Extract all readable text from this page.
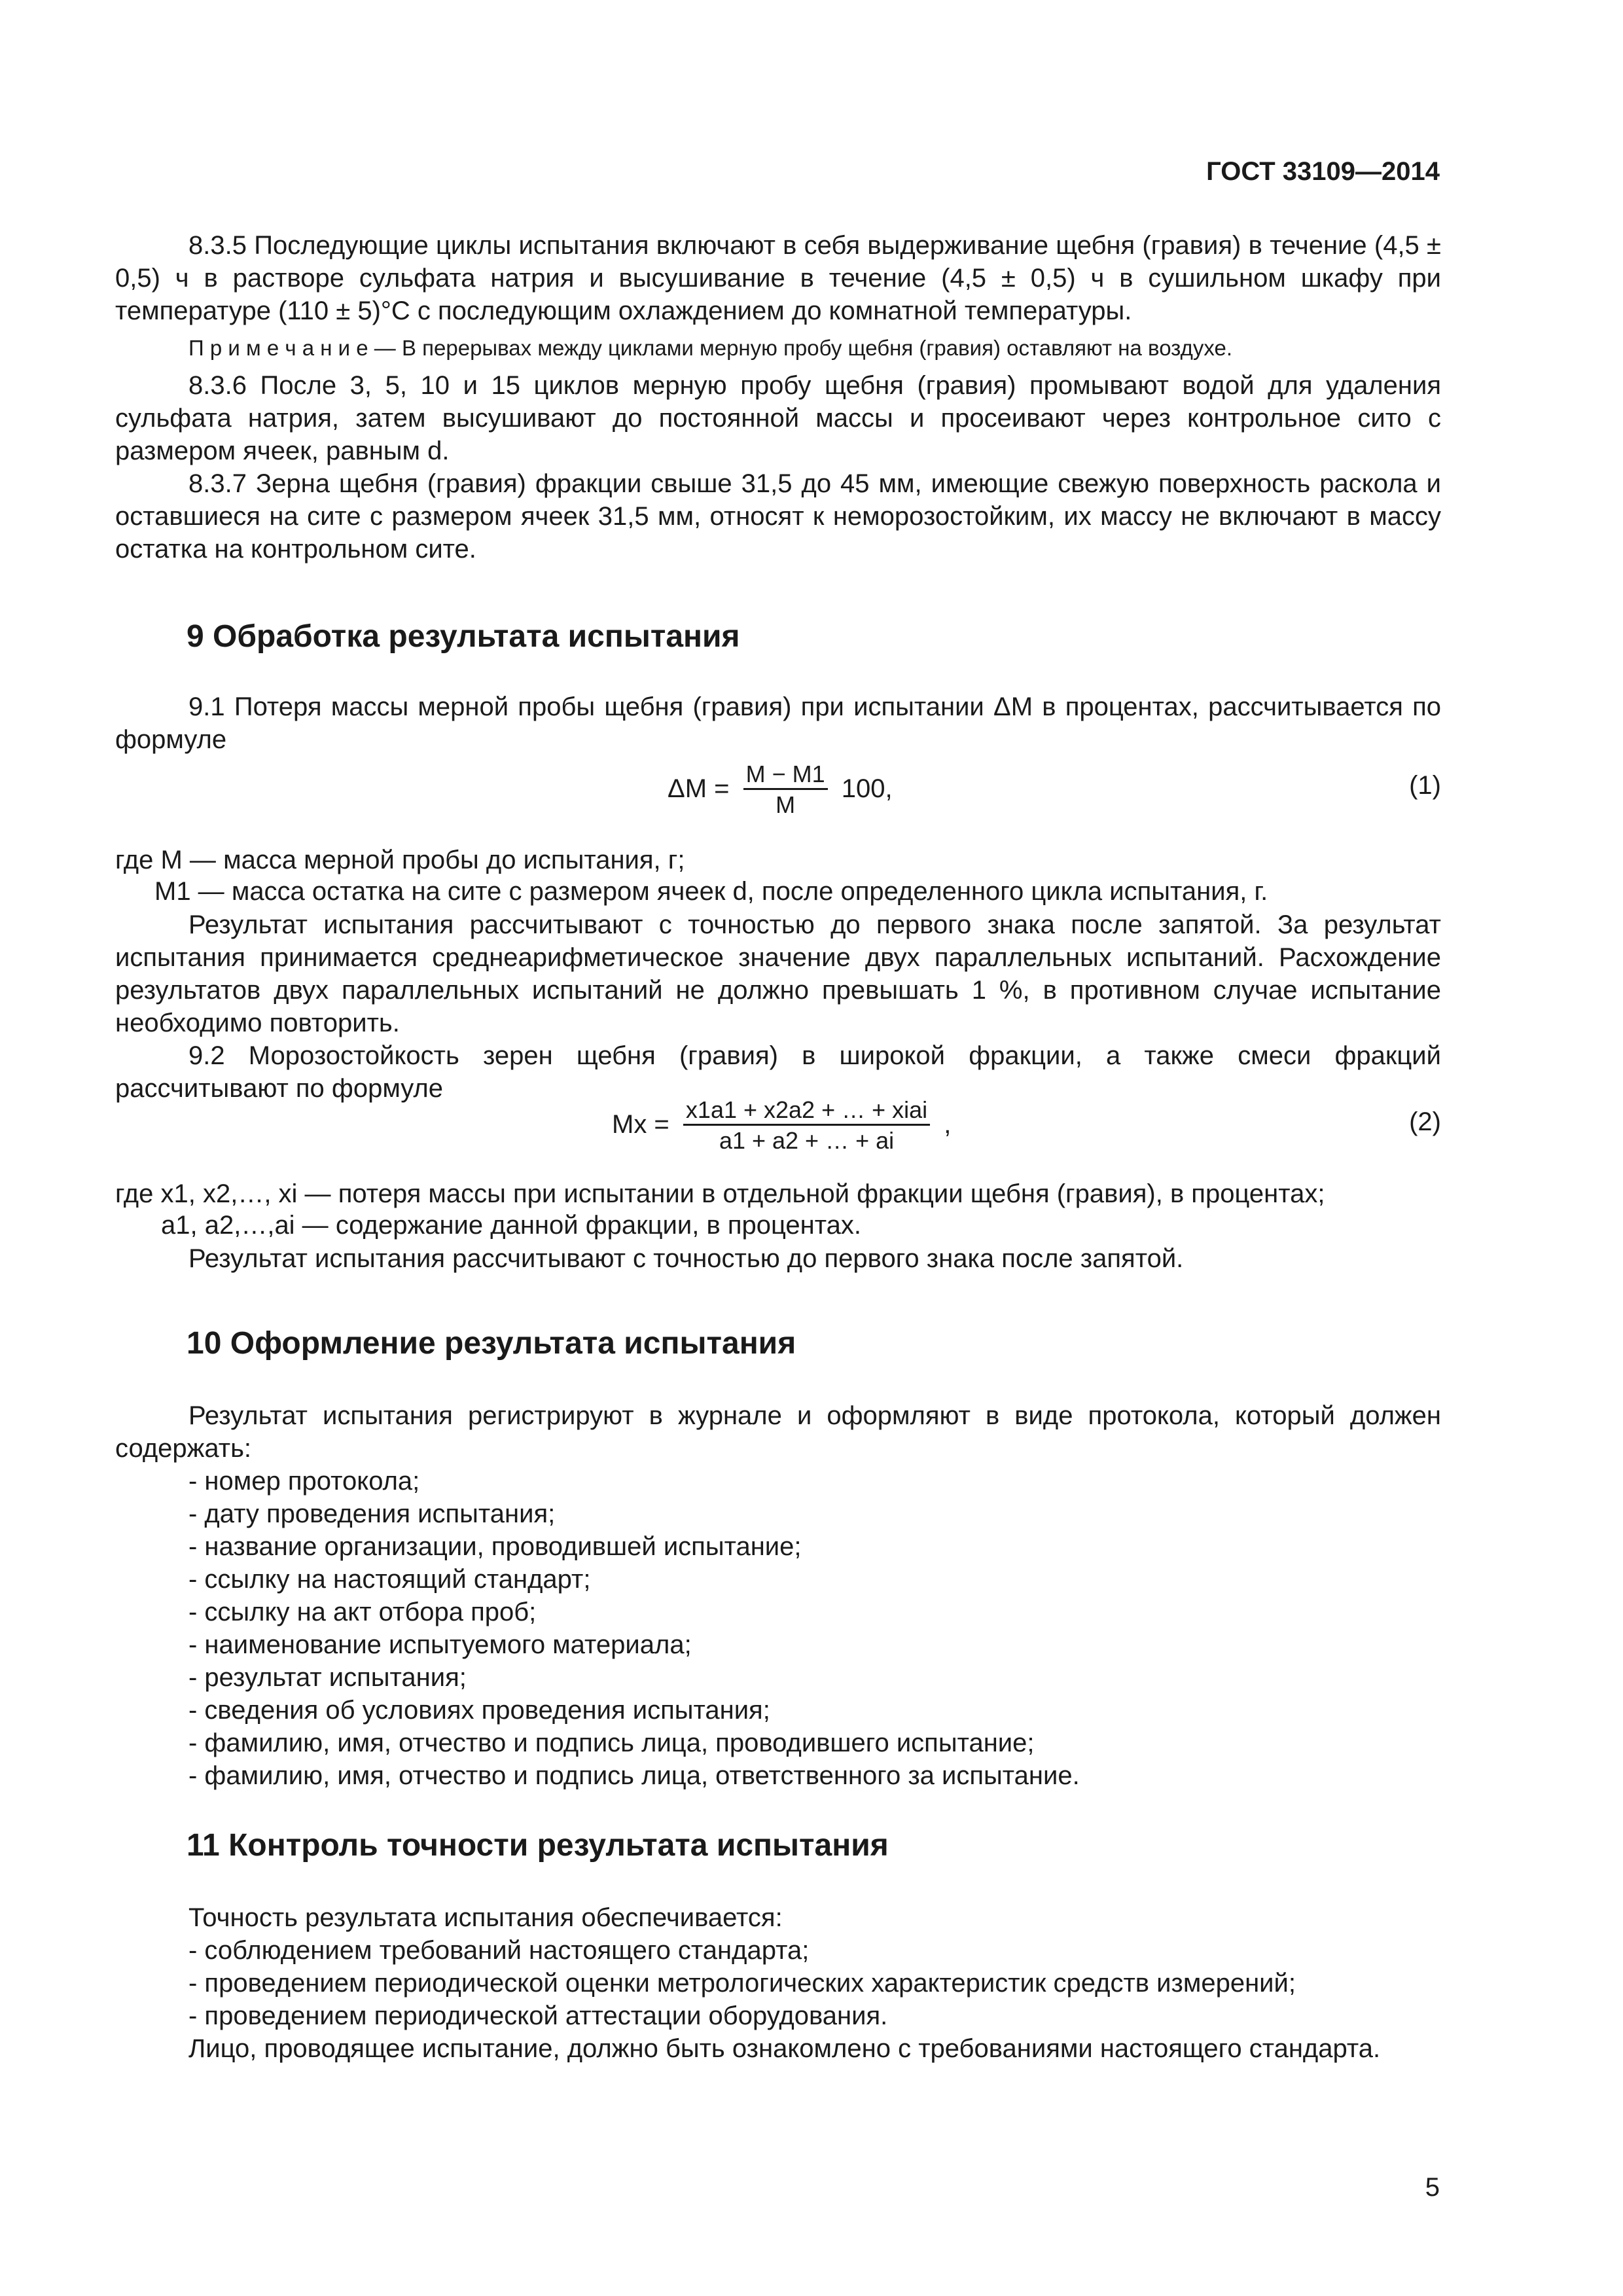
ГОСТ 33109—2014

8.3.5 Последующие циклы испытания включают в себя выдерживание щебня (гравия) в течение (4,5 ± 0,5) ч в растворе сульфата натрия и высушивание в течение (4,5 ± 0,5) ч в сушильном шкафу при температуре (110 ± 5)°С с последующим охлаждением до комнатной температуры.

П р и м е ч а н и е — В перерывах между циклами мерную пробу щебня (гравия) оставляют на воздухе.

8.3.6 После 3, 5, 10 и 15 циклов мерную пробу щебня (гравия) промывают водой для удаления сульфата натрия, затем высушивают до постоянной массы и просеивают через контрольное сито с размером ячеек, равным d.

8.3.7 Зерна щебня (гравия) фракции свыше 31,5 до 45 мм, имеющие свежую поверхность раскола и оставшиеся на сите с размером ячеек 31,5 мм, относят к неморозостойким, их массу не включают в массу остатка на контрольном сите.

9 Обработка результата испытания

9.1 Потеря массы мерной пробы щебня (гравия) при испытании ΔM в процентах, рассчитывается по формуле

$\Delta M = \frac{M - M1}{M} 100$,	(1)
где M — масса мерной пробы до испытания, г;
M1 — масса остатка на сите с размером ячеек d, после определенного цикла испытания, г.

Результат испытания рассчитывают с точностью до первого знака после запятой. За результат испытания принимается среднеарифметическое значение двух параллельных испытаний. Расхождение результатов двух параллельных испытаний не должно превышать 1 %, в противном случае испытание необходимо повторить.

9.2 Морозостойкость зерен щебня (гравия) в широкой фракции, а также смеси фракций рассчитывают по формуле

$Mx = \frac{\text{x1a1 + x2a2 + … + xiai}}{a1 + a2 + \dots + ai}$ ,	(2)
где x1, x2,…, xi — потеря массы при испытании в отдельной фракции щебня (гравия), в процентах;
a1, a2,…,ai — содержание данной фракции, в процентах.

Результат испытания рассчитывают с точностью до первого знака после запятой.

10 Оформление результата испытания

Результат испытания регистрируют в журнале и оформляют в виде протокола, который должен содержать:

- номер протокола;

- дату проведения испытания;

- название организации, проводившей испытание;

- ссылку на настоящий стандарт;

- ссылку на акт отбора проб;

- наименование испытуемого материала;

- результат испытания;

- сведения об условиях проведения испытания;

- фамилию, имя, отчество и подпись лица, проводившего испытание;

- фамилию, имя, отчество и подпись лица, ответственного за испытание.

11 Контроль точности результата испытания

Точность результата испытания обеспечивается:

- соблюдением требований настоящего стандарта;

- проведением периодической оценки метрологических характеристик средств измерений;

- проведением периодической аттестации оборудования.

Лицо, проводящее испытание, должно быть ознакомлено с требованиями настоящего стандарта.

5
